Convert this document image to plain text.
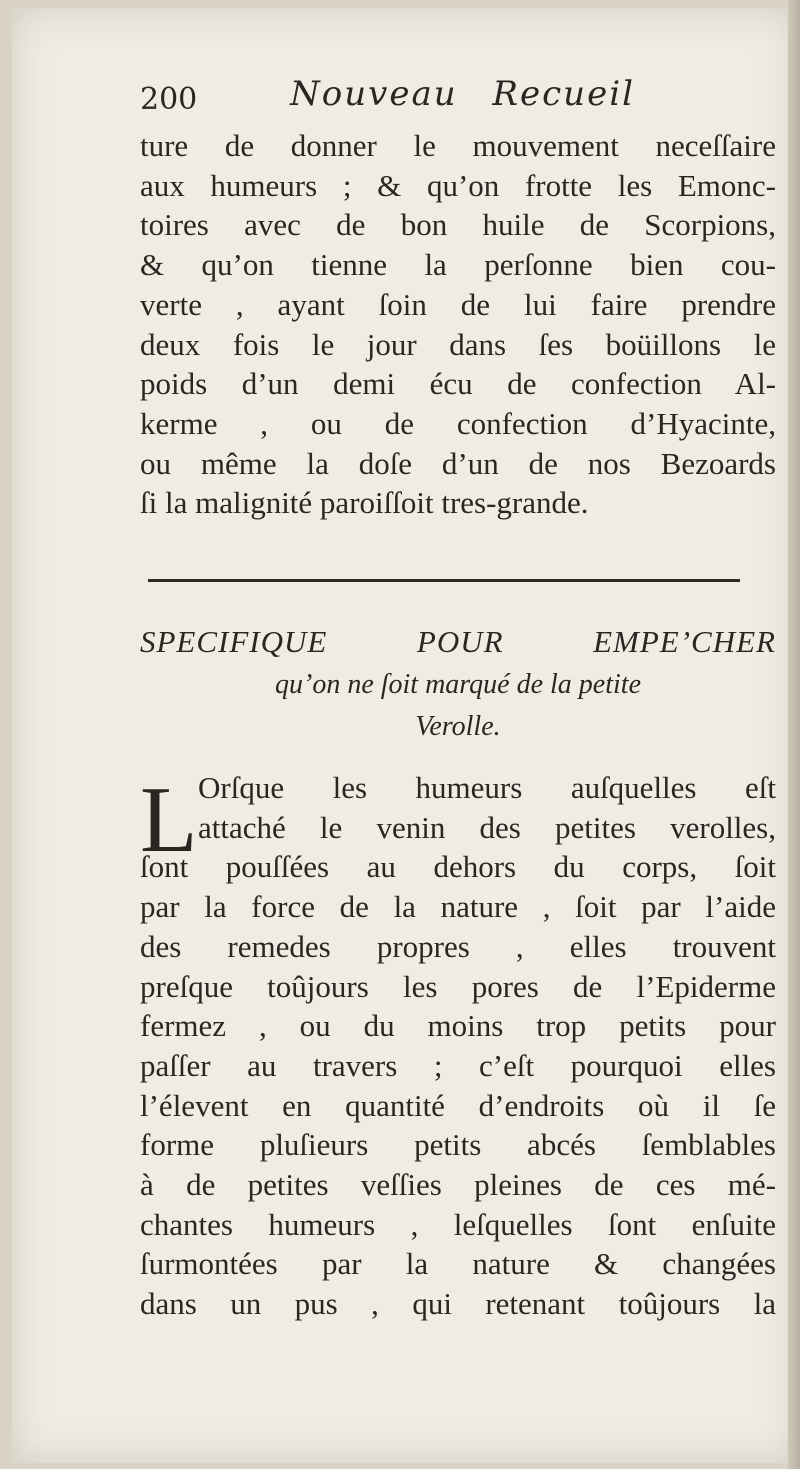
200	Nouveau Recueil
ture de donner le mouvement neceſſaire
aux humeurs ; & qu’on frotte les Emonc-
toires avec de bon huile de Scorpions,
& qu’on tienne la perſonne bien cou-
verte , ayant ſoin de lui faire prendre
deux fois le jour dans ſes boüillons le
poids d’un demi écu de confection Al-
kerme , ou de confection d’Hyacinte,
ou même la doſe d’un de nos Bezoards
ſi la malignité paroiſſoit tres-grande.
SPECIFIQUE POUR EMPE’CHER
qu’on ne ſoit marqué de la petite
Verolle.
L Orſque les humeurs auſquelles eſt
attaché le venin des petites verolles,
ſont pouſſées au dehors du corps, ſoit
par la force de la nature , ſoit par l’aide
des remedes propres , elles trouvent
preſque toûjours les pores de l’Epiderme
fermez , ou du moins trop petits pour
paſſer au travers ; c’eſt pourquoi elles
l’élevent en quantité d’endroits où il ſe
forme pluſieurs petits abcés ſemblables
à de petites veſſies pleines de ces mé-
chantes humeurs , leſquelles ſont enſuite
ſurmontées par la nature & changées
dans un pus , qui retenant toûjours la
